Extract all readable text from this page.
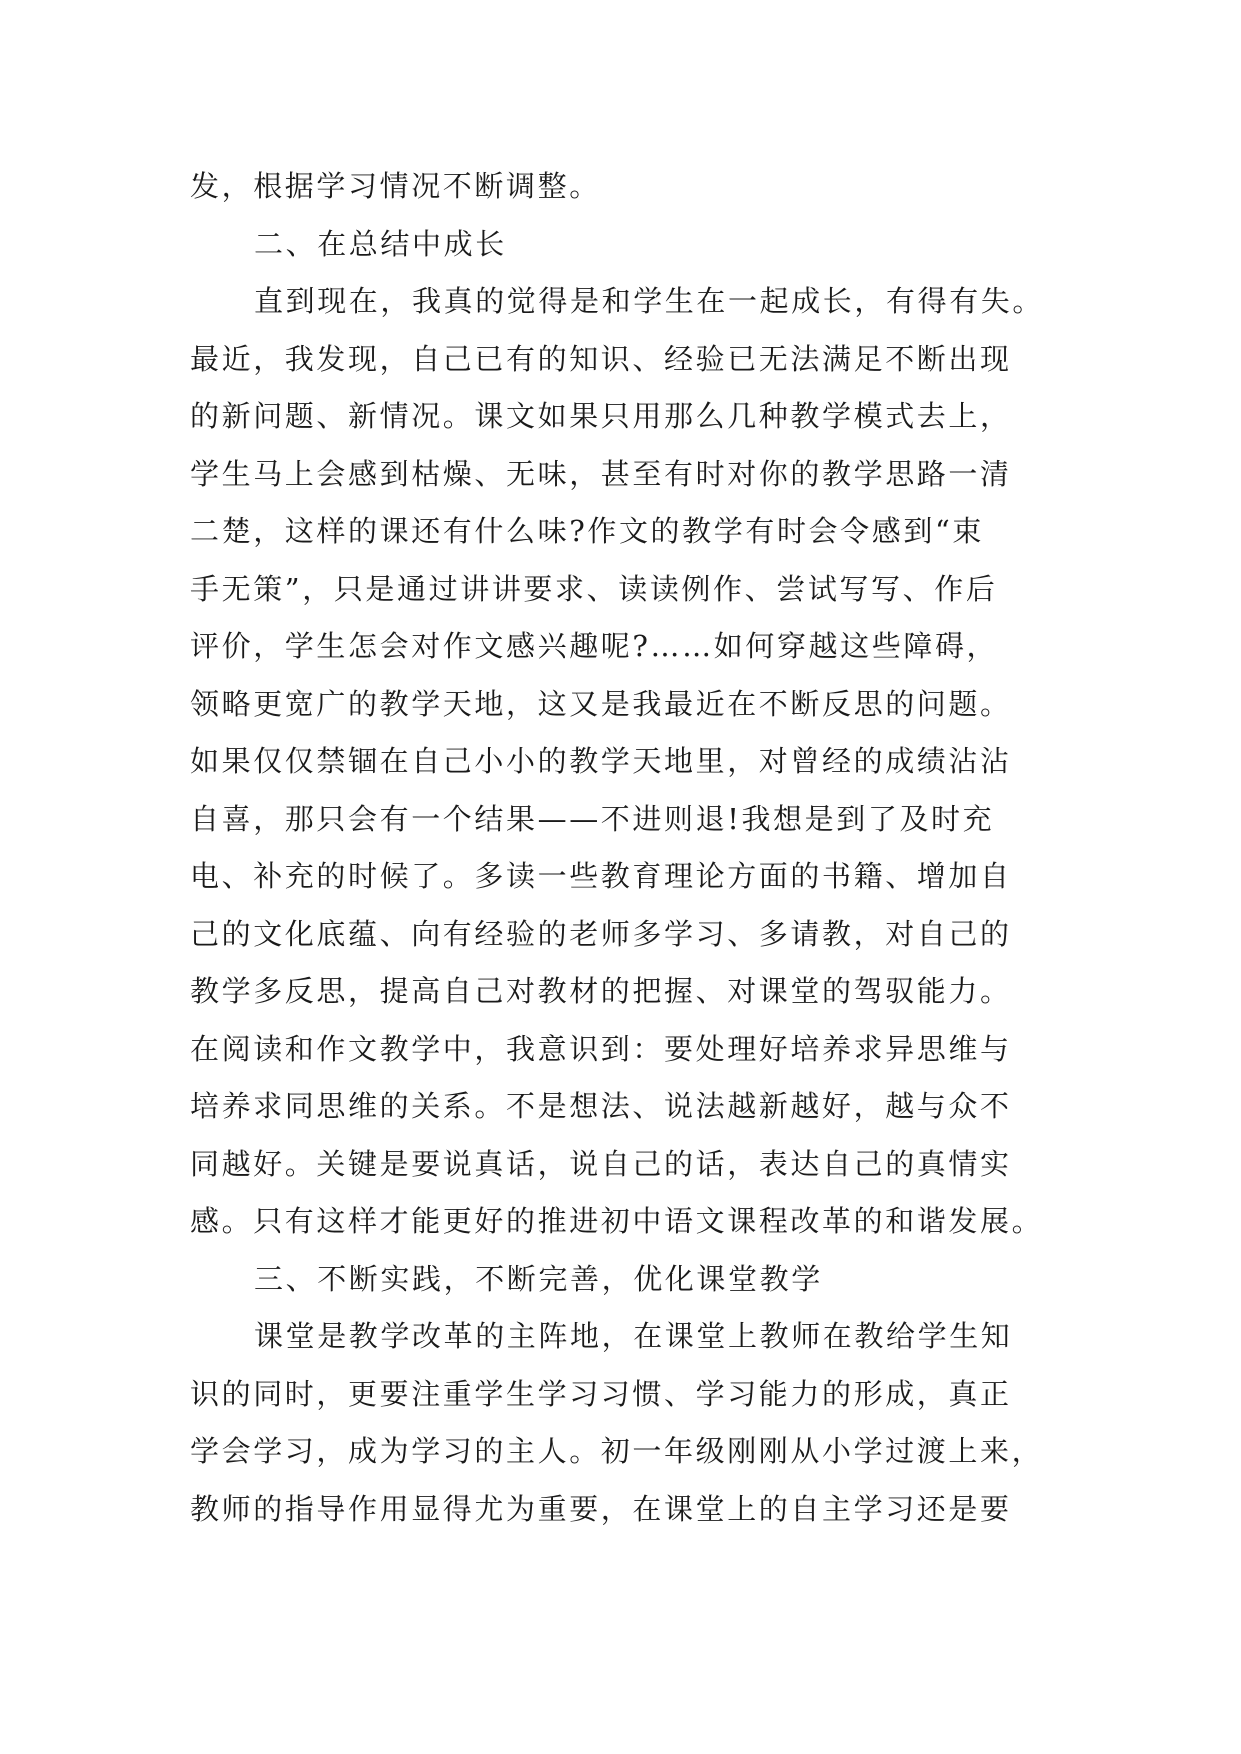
发，根据学习情况不断调整。
二、在总结中成长
直到现在，我真的觉得是和学生在一起成长，有得有失。
最近，我发现，自己已有的知识、经验已无法满足不断出现
的新问题、新情况。课文如果只用那么几种教学模式去上，
学生马上会感到枯燥、无味，甚至有时对你的教学思路一清
二楚，这样的课还有什么味?作文的教学有时会令感到“束
手无策”，只是通过讲讲要求、读读例作、尝试写写、作后
评价，学生怎会对作文感兴趣呢?……如何穿越这些障碍，
领略更宽广的教学天地，这又是我最近在不断反思的问题。
如果仅仅禁锢在自己小小的教学天地里，对曾经的成绩沾沾
自喜，那只会有一个结果——不进则退!我想是到了及时充
电、补充的时候了。多读一些教育理论方面的书籍、增加自
己的文化底蕴、向有经验的老师多学习、多请教，对自己的
教学多反思，提高自己对教材的把握、对课堂的驾驭能力。
在阅读和作文教学中，我意识到：要处理好培养求异思维与
培养求同思维的关系。不是想法、说法越新越好，越与众不
同越好。关键是要说真话，说自己的话，表达自己的真情实
感。只有这样才能更好的推进初中语文课程改革的和谐发展。
三、不断实践，不断完善，优化课堂教学
课堂是教学改革的主阵地，在课堂上教师在教给学生知
识的同时，更要注重学生学习习惯、学习能力的形成，真正
学会学习，成为学习的主人。初一年级刚刚从小学过渡上来，
教师的指导作用显得尤为重要，在课堂上的自主学习还是要
